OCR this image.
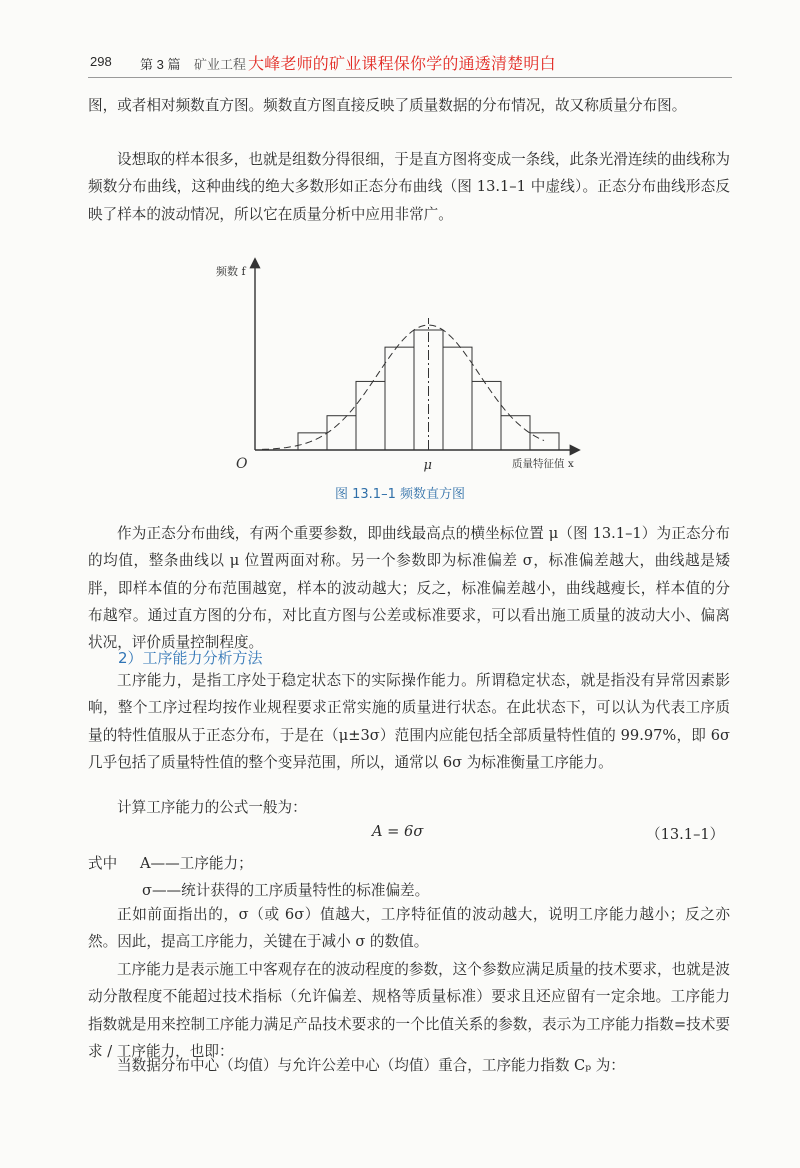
298 第 3 篇 矿业工程 大峰老师的矿业课程保你学的通透清楚明白

图，或者相对频数直方图。频数直方图直接反映了质量数据的分布情况，故又称质量分布图。

设想取的样本很多，也就是组数分得很细，于是直方图将变成一条线，此条光滑连续的曲线称为频数分布曲线，这种曲线的绝大多数形如正态分布曲线（图 13.1–1 中虚线）。正态分布曲线形态反映了样本的波动情况，所以它在质量分析中应用非常广。

频数 f
O	μ	质量特征值 x
图 13.1–1 频数直方图

作为正态分布曲线，有两个重要参数，即曲线最高点的横坐标位置 μ（图 13.1–1）为正态分布的均值，整条曲线以 μ 位置两面对称。另一个参数即为标准偏差 σ，标准偏差越大，曲线越是矮胖，即样本值的分布范围越宽，样本的波动越大；反之，标准偏差越小，曲线越瘦长，样本值的分布越窄。通过直方图的分布，对比直方图与公差或标准要求，可以看出施工质量的波动大小、偏离状况，评价质量控制程度。

2）工序能力分析方法

工序能力，是指工序处于稳定状态下的实际操作能力。所谓稳定状态，就是指没有异常因素影响，整个工序过程均按作业规程要求正常实施的质量进行状态。在此状态下，可以认为代表工序质量的特性值服从于正态分布，于是在（μ±3σ）范围内应能包括全部质量特性值的 99.97%，即 6σ 几乎包括了质量特性值的整个变异范围，所以，通常以 6σ 为标准衡量工序能力。

计算工序能力的公式一般为：

A = 6σ	（13.1–1）
式中 A——工序能力；
σ——统计获得的工序质量特性的标准偏差。

正如前面指出的，σ（或 6σ）值越大，工序特征值的波动越大，说明工序能力越小；反之亦然。因此，提高工序能力，关键在于减小 σ 的数值。

工序能力是表示施工中客观存在的波动程度的参数，这个参数应满足质量的技术要求，也就是波动分散程度不能超过技术指标（允许偏差、规格等质量标准）要求且还应留有一定余地。工序能力指数就是用来控制工序能力满足产品技术要求的一个比值关系的参数，表示为工序能力指数=技术要求 / 工序能力，也即：

当数据分布中心（均值）与允许公差中心（均值）重合，工序能力指数 Cₚ 为：
